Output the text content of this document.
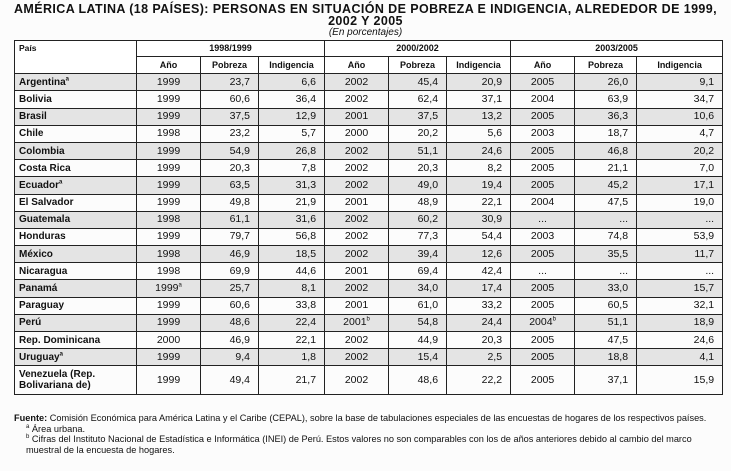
AMÉRICA LATINA (18 PAÍSES): PERSONAS EN SITUACIÓN DE POBREZA E INDIGENCIA, ALREDEDOR DE 1999, 2002 Y 2005
(En porcentajes)
País	1998/1999			2000/2002			2003/2005		
	Año	Pobreza	Indigencia	Año	Pobreza	Indigencia	Año	Pobreza	Indigencia
Argentina$^a$	1999	23,7	6,6	2002	45,4	20,9	2005	26,0	9,1
Bolivia	1999	60,6	36,4	2002	62,4	37,1	2004	63,9	34,7
Brasil	1999	37,5	12,9	2001	37,5	13,2	2005	36,3	10,6
Chile	1998	23,2	5,7	2000	20,2	5,6	2003	18,7	4,7
Colombia	1999	54,9	26,8	2002	51,1	24,6	2005	46,8	20,2
Costa Rica	1999	20,3	7,8	2002	20,3	8,2	2005	21,1	7,0
Ecuador$^a$	1999	63,5	31,3	2002	49,0	19,4	2005	45,2	17,1
El Salvador	1999	49,8	21,9	2001	48,9	22,1	2004	47,5	19,0
Guatemala	1998	61,1	31,6	2002	60,2	30,9	...	...	...
Honduras	1999	79,7	56,8	2002	77,3	54,4	2003	74,8	53,9
México	1998	46,9	18,5	2002	39,4	12,6	2005	35,5	11,7
Nicaragua	1998	69,9	44,6	2001	69,4	42,4	...	...	...
Panamá	1999$^a$	25,7	8,1	2002	34,0	17,4	2005	33,0	15,7
Paraguay	1999	60,6	33,8	2001	61,0	33,2	2005	60,5	32,1
Perú	1999	48,6	22,4	2001$^b$	54,8	24,4	2004$^b$	51,1	18,9
Rep. Dominicana	2000	46,9	22,1	2002	44,9	20,3	2005	47,5	24,6
Uruguay$^a$	1999	9,4	1,8	2002	15,4	2,5	2005	18,8	4,1
Venezuela (Rep. Bolivariana de)	1999	49,4	21,7	2002	48,6	22,2	2005	37,1	15,9
Fuente: Comisión Económica para América Latina y el Caribe (CEPAL), sobre la base de tabulaciones especiales de las encuestas de hogares de los respectivos países.
$^a$ Área urbana.
$^b$ Cifras del Instituto Nacional de Estadística e Informática (INEI) de Perú. Estos valores no son comparables con los de años anteriores debido al cambio del marco muestral de la encuesta de hogares.
